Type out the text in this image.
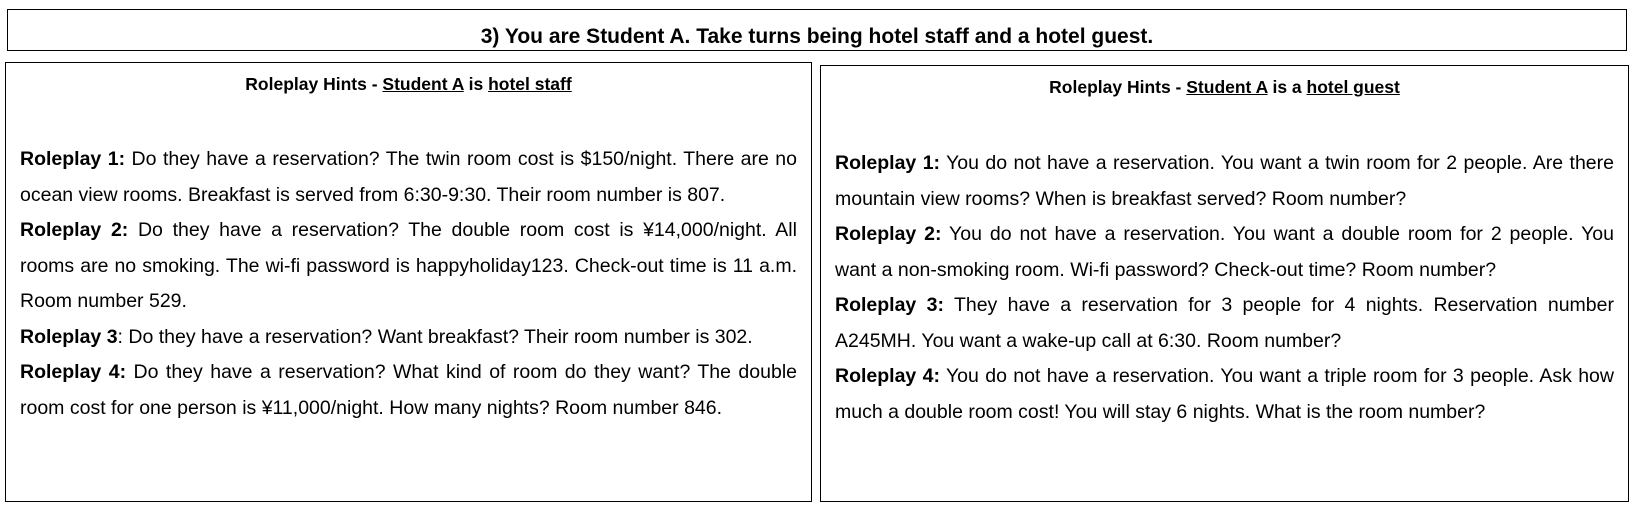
3) You are Student A. Take turns being hotel staff and a hotel guest.
Roleplay Hints - Student A is hotel staff

Roleplay 1: Do they have a reservation? The twin room cost is $150/night. There are no ocean view rooms. Breakfast is served from 6:30-9:30. Their room number is 807.

Roleplay 2: Do they have a reservation? The double room cost is ¥14,000/night. All rooms are no smoking. The wi-fi password is happyholiday123. Check-out time is 11 a.m. Room number 529.

Roleplay 3: Do they have a reservation? Want breakfast? Their room number is 302.

Roleplay 4: Do they have a reservation? What kind of room do they want? The double room cost for one person is ¥11,000/night. How many nights? Room number 846.

Roleplay Hints - Student A is a hotel guest

Roleplay 1: You do not have a reservation. You want a twin room for 2 people. Are there mountain view rooms? When is breakfast served? Room number?

Roleplay 2: You do not have a reservation. You want a double room for 2 people. You want a non-smoking room. Wi-fi password? Check-out time? Room number?

Roleplay 3: They have a reservation for 3 people for 4 nights. Reservation number A245MH. You want a wake-up call at 6:30. Room number?

Roleplay 4: You do not have a reservation. You want a triple room for 3 people. Ask how much a double room cost! You will stay 6 nights. What is the room number?
